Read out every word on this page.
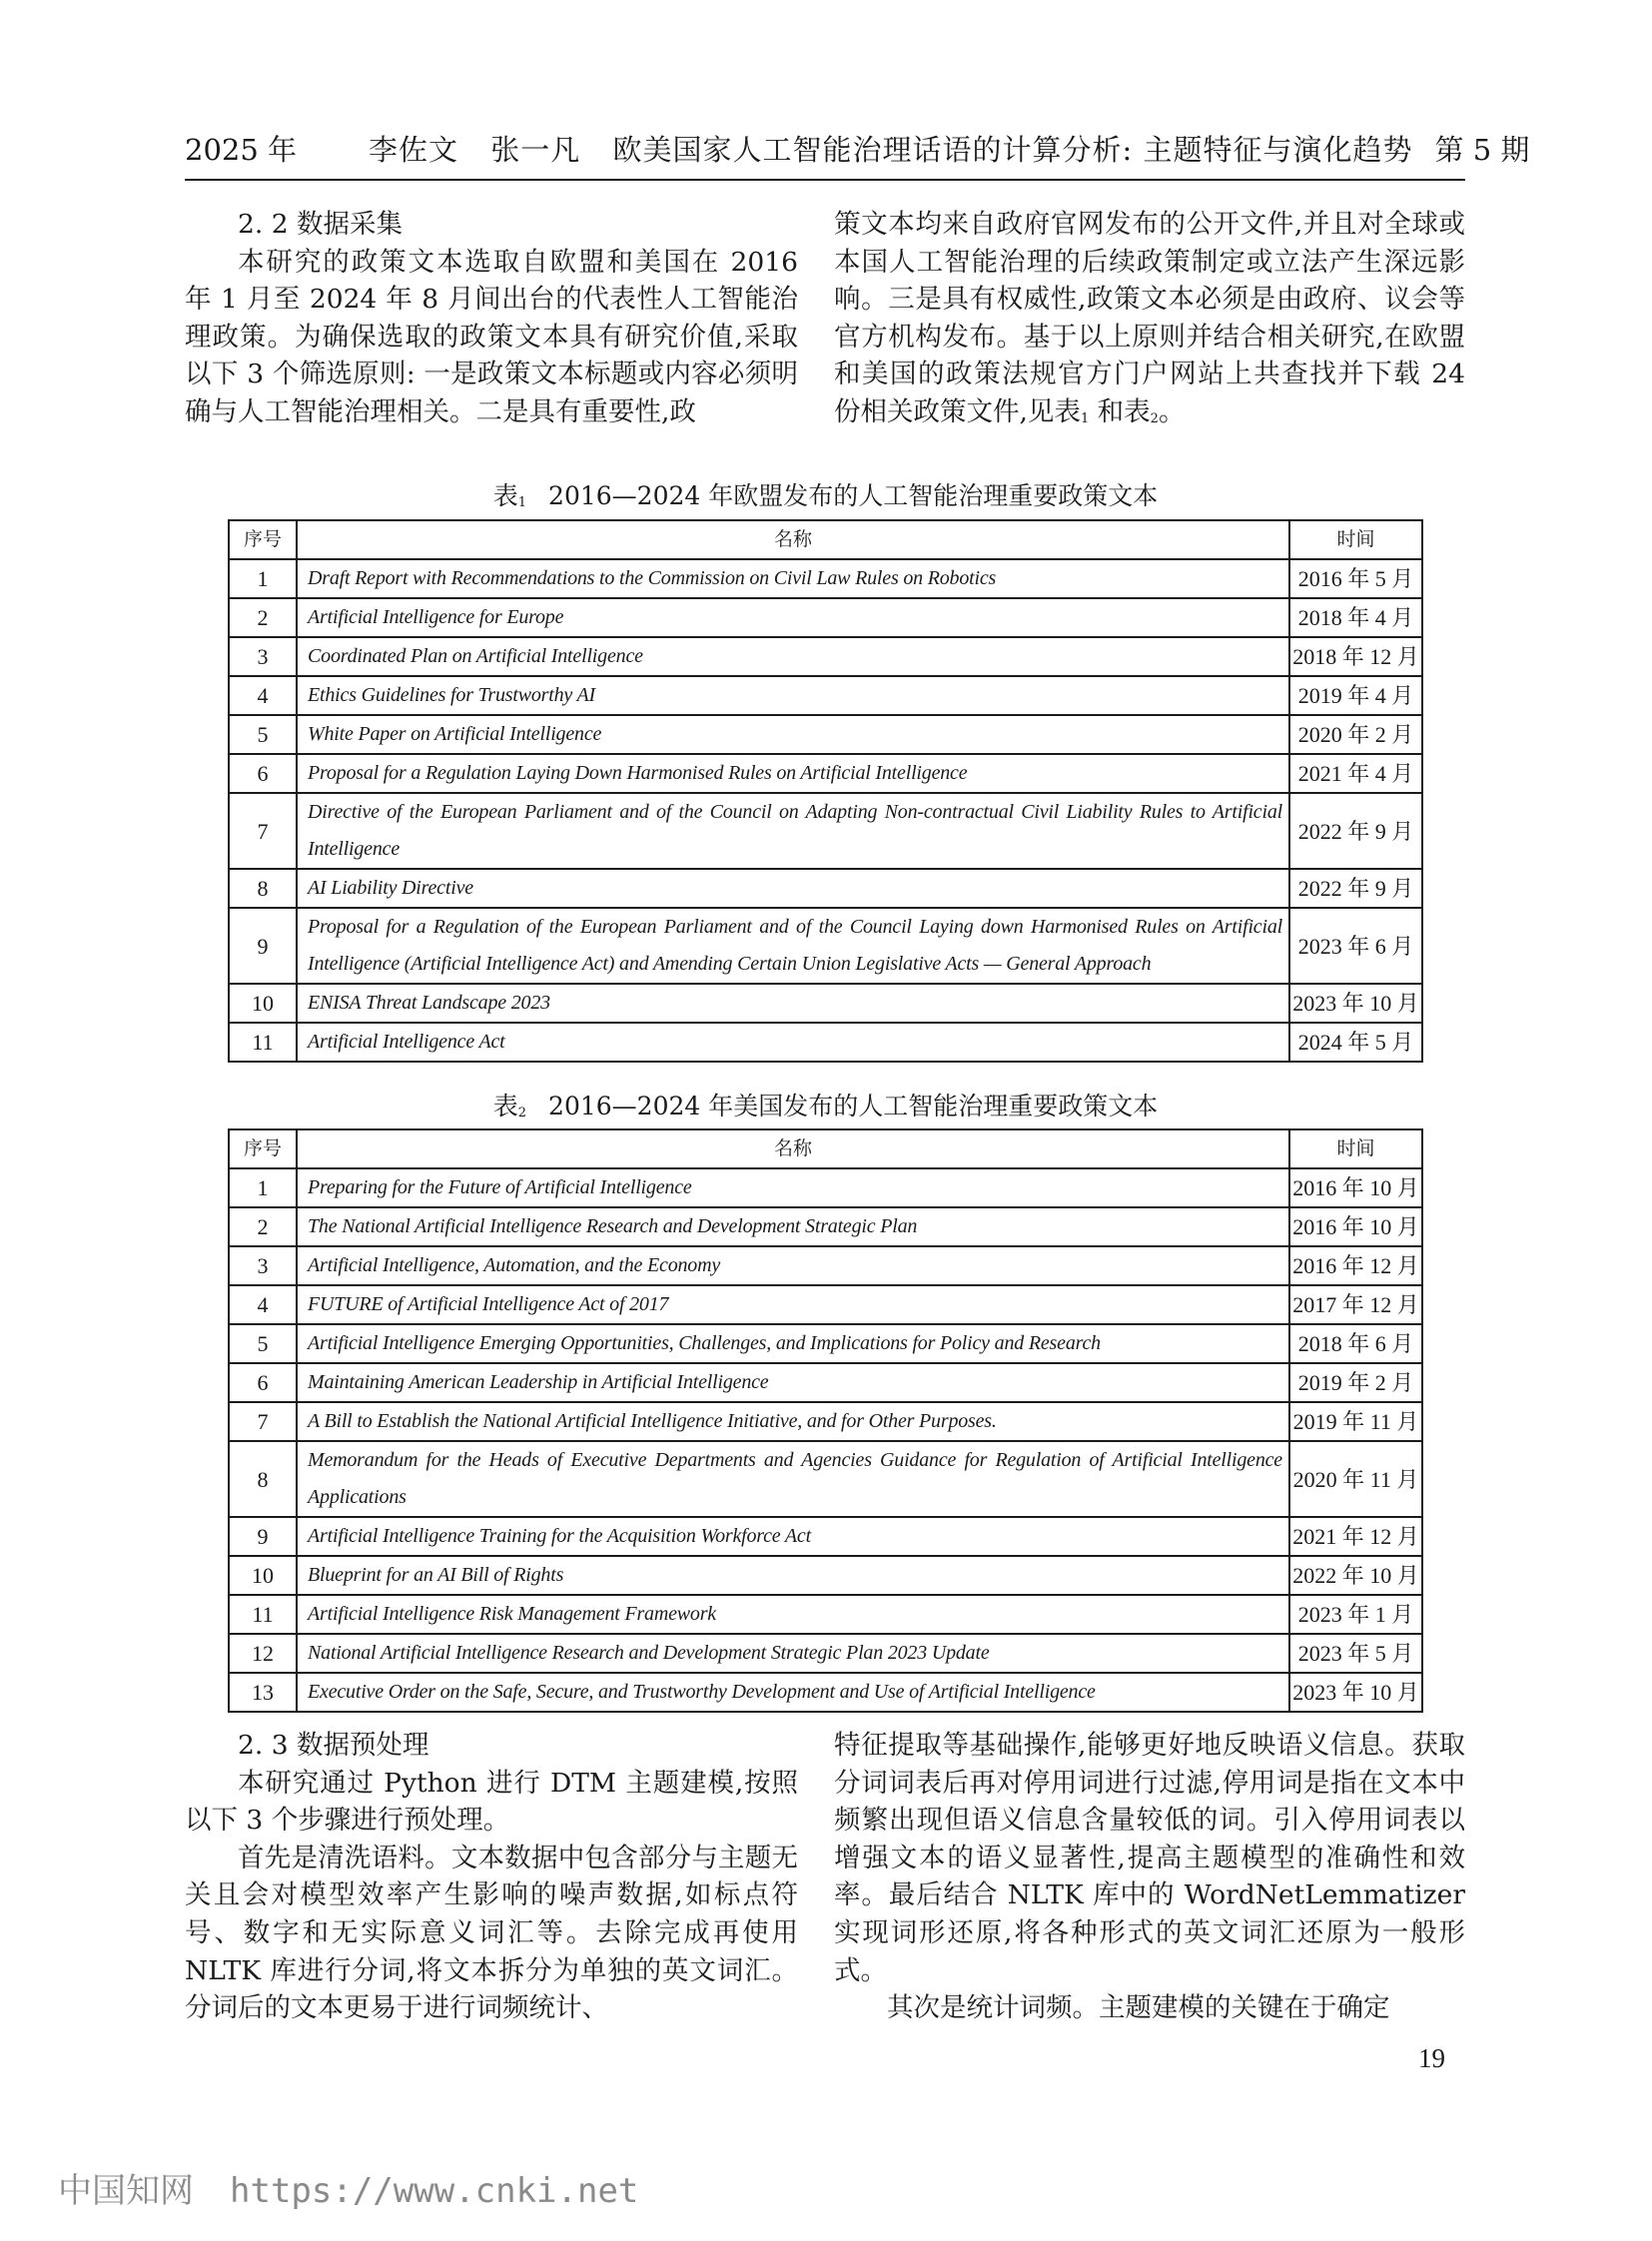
2025 年	李佐文 张一凡 欧美国家人工智能治理话语的计算分析: 主题特征与演化趋势 第 5 期

2. 2 数据采集

本研究的政策文本选取自欧盟和美国在 2016 年 1 月至 2024 年 8 月间出台的代表性人工智能治理政策。为确保选取的政策文本具有研究价值,采取以下 3 个筛选原则: 一是政策文本标题或内容必须明确与人工智能治理相关。二是具有重要性,政

策文本均来自政府官网发布的公开文件,并且对全球或本国人工智能治理的后续政策制定或立法产生深远影响。三是具有权威性,政策文本必须是由政府、议会等官方机构发布。基于以上原则并结合相关研究,在欧盟和美国的政策法规官方门户网站上共查找并下载 24 份相关政策文件,见表$_1$ 和表$_2$。

表$_1$ 2016—2024 年欧盟发布的人工智能治理重要政策文本
序号	名称	时间
1	Draft Report with Recommendations to the Commission on Civil Law Rules on Robotics	2016 年 5 月
2	Artificial Intelligence for Europe	2018 年 4 月
3	Coordinated Plan on Artificial Intelligence	2018 年 12 月
4	Ethics Guidelines for Trustworthy AI	2019 年 4 月
5	White Paper on Artificial Intelligence	2020 年 2 月
6	Proposal for a Regulation Laying Down Harmonised Rules on Artificial Intelligence	2021 年 4 月
7	Directive of the European Parliament and of the Council on Adapting Non-contractual Civil Liability Rules to Artificial Intelligence	2022 年 9 月
8	AI Liability Directive	2022 年 9 月
9	Proposal for a Regulation of the European Parliament and of the Council Laying down Harmonised Rules on Artificial Intelligence (Artificial Intelligence Act) and Amending Certain Union Legislative Acts — General Approach	2023 年 6 月
10	ENISA Threat Landscape 2023	2023 年 10 月
11	Artificial Intelligence Act	2024 年 5 月
表$_2$ 2016—2024 年美国发布的人工智能治理重要政策文本
序号	名称	时间
1	Preparing for the Future of Artificial Intelligence	2016 年 10 月
2	The National Artificial Intelligence Research and Development Strategic Plan	2016 年 10 月
3	Artificial Intelligence, Automation, and the Economy	2016 年 12 月
4	FUTURE of Artificial Intelligence Act of 2017	2017 年 12 月
5	Artificial Intelligence Emerging Opportunities, Challenges, and Implications for Policy and Research	2018 年 6 月
6	Maintaining American Leadership in Artificial Intelligence	2019 年 2 月
7	A Bill to Establish the National Artificial Intelligence Initiative, and for Other Purposes.	2019 年 11 月
8	Memorandum for the Heads of Executive Departments and Agencies Guidance for Regulation of Artificial Intelligence Applications	2020 年 11 月
9	Artificial Intelligence Training for the Acquisition Workforce Act	2021 年 12 月
10	Blueprint for an AI Bill of Rights	2022 年 10 月
11	Artificial Intelligence Risk Management Framework	2023 年 1 月
12	National Artificial Intelligence Research and Development Strategic Plan 2023 Update	2023 年 5 月
13	Executive Order on the Safe, Secure, and Trustworthy Development and Use of Artificial Intelligence	2023 年 10 月

2. 3 数据预处理

本研究通过 Python 进行 DTM 主题建模,按照以下 3 个步骤进行预处理。

首先是清洗语料。文本数据中包含部分与主题无关且会对模型效率产生影响的噪声数据,如标点符号、数字和无实际意义词汇等。去除完成再使用 NLTK 库进行分词,将文本拆分为单独的英文词汇。分词后的文本更易于进行词频统计、

特征提取等基础操作,能够更好地反映语义信息。获取分词词表后再对停用词进行过滤,停用词是指在文本中频繁出现但语义信息含量较低的词。引入停用词表以增强文本的语义显著性,提高主题模型的准确性和效率。最后结合 NLTK 库中的 WordNetLemmatizer 实现词形还原,将各种形式的英文词汇还原为一般形式。

其次是统计词频。主题建模的关键在于确定

19
中国知网 https://www.cnki.net
